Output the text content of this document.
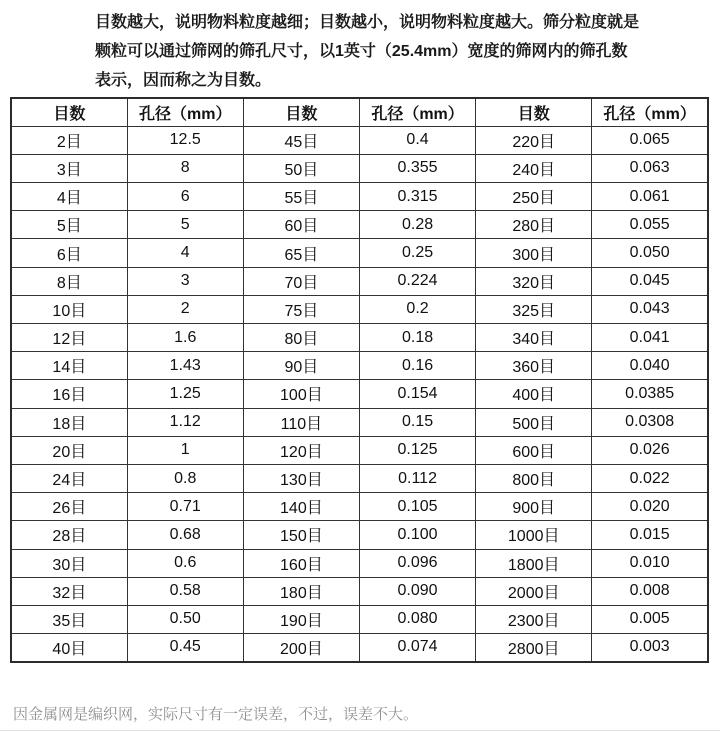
目数越大，说明物料粒度越细；目数越小，说明物料粒度越大。筛分粒度就是
颗粒可以通过筛网的筛孔尺寸，以1英寸（25.4mm）宽度的筛网内的筛孔数
表示，因而称之为目数。
目数	孔径（mm）	目数	孔径（mm）	目数	孔径（mm）
2目	12.5	45目	0.4	220目	0.065
3目	8	50目	0.355	240目	0.063
4目	6	55目	0.315	250目	0.061
5目	5	60目	0.28	280目	0.055
6目	4	65目	0.25	300目	0.050
8目	3	70目	0.224	320目	0.045
10目	2	75目	0.2	325目	0.043
12目	1.6	80目	0.18	340目	0.041
14目	1.43	90目	0.16	360目	0.040
16目	1.25	100目	0.154	400目	0.0385
18目	1.12	110目	0.15	500目	0.0308
20目	1	120目	0.125	600目	0.026
24目	0.8	130目	0.112	800目	0.022
26目	0.71	140目	0.105	900目	0.020
28目	0.68	150目	0.100	1000目	0.015
30目	0.6	160目	0.096	1800目	0.010
32目	0.58	180目	0.090	2000目	0.008
35目	0.50	190目	0.080	2300目	0.005
40目	0.45	200目	0.074	2800目	0.003
因金属网是编织网，实际尺寸有一定误差，不过，误差不大。
